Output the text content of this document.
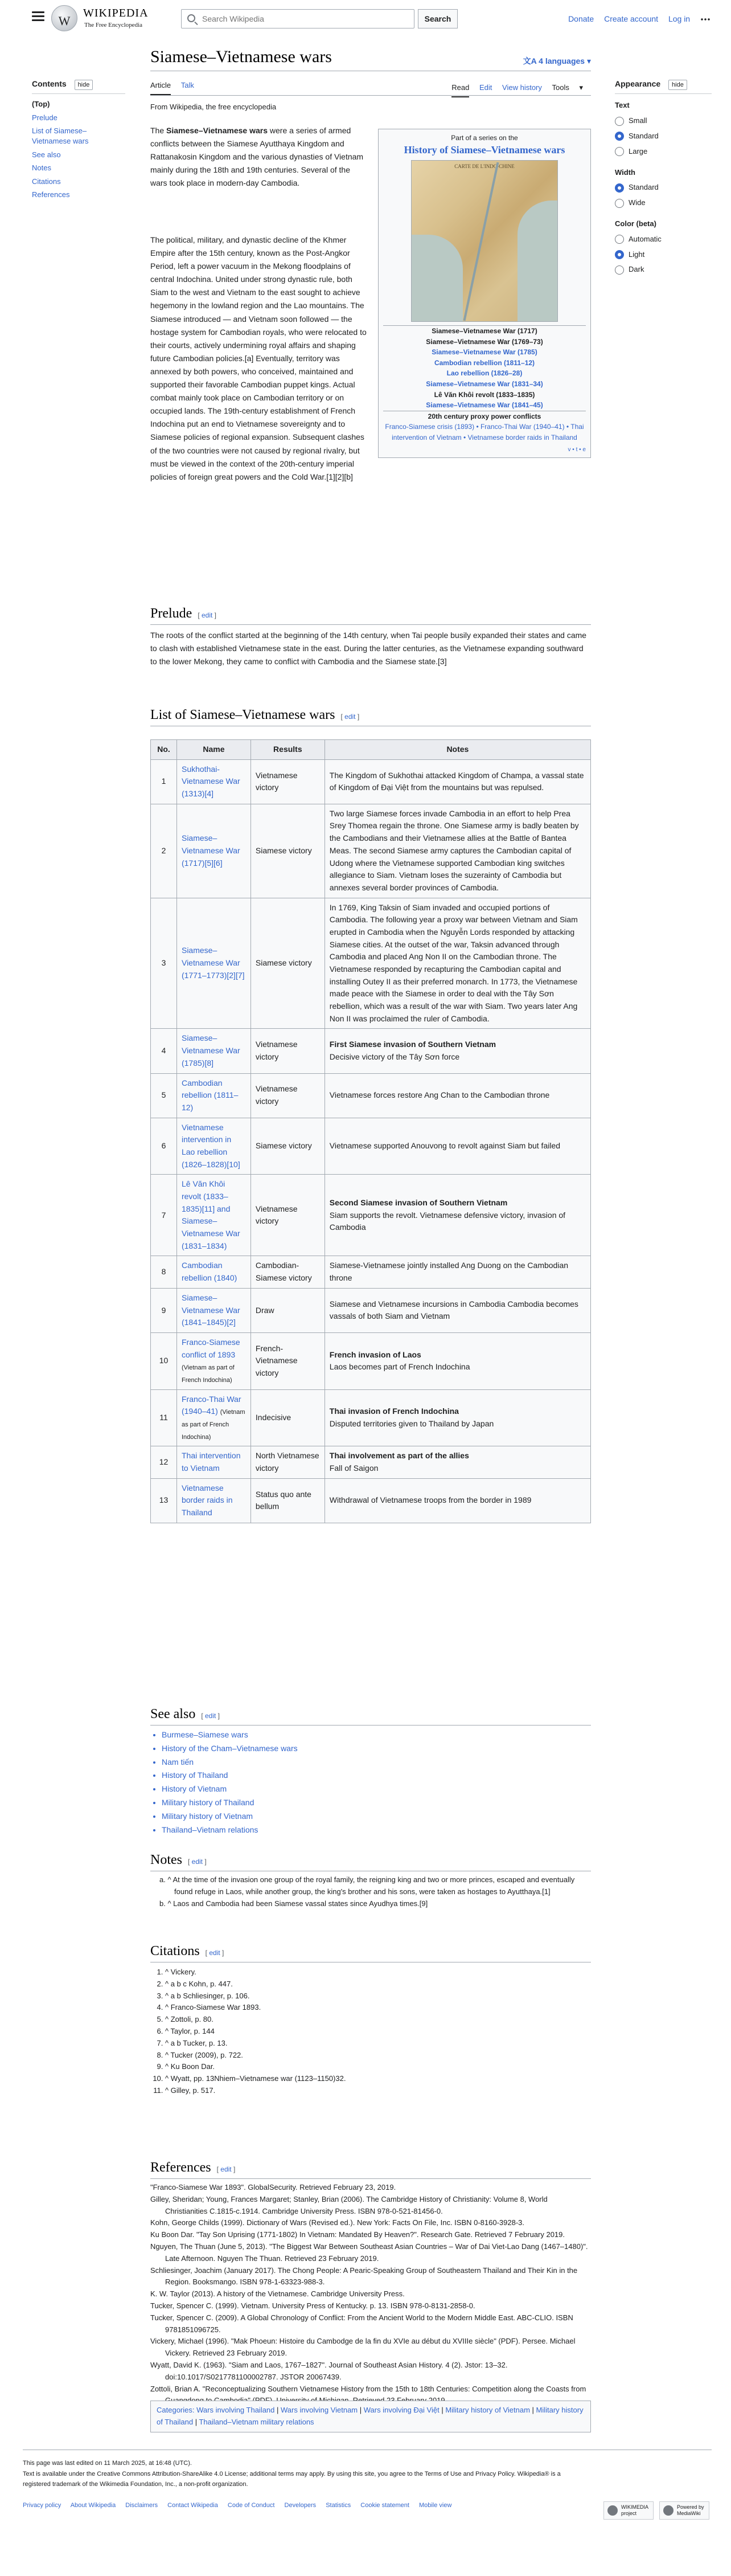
W
WIKIPEDIA
The Free Encyclopedia
Search Wikipedia
Search	Donate Create account Log in
Contents hide
(Top)
Prelude
List of Siamese–Vietnamese wars
See also
Notes
Citations
References
Siamese–Vietnamese wars	文A 4 languages ▾
Article Talk	Read Edit View history Tools ▾
From Wikipedia, the free encyclopedia
Part of a series on the
History of Siamese–Vietnamese wars
CARTE DE L'INDO-CHINE
Siamese–Vietnamese War (1717)
Siamese–Vietnamese War (1769–73)
Siamese–Vietnamese War (1785)
Cambodian rebellion (1811–12)
Lao rebellion (1826–28)
Siamese–Vietnamese War (1831–34)
Lê Văn Khôi revolt (1833–1835)
Siamese–Vietnamese War (1841–45)
20th century proxy power conflicts
Franco-Siamese crisis (1893) • Franco-Thai War (1940–41) • Thai intervention of Vietnam • Vietnamese border raids in Thailand
v • t • e
The Siamese–Vietnamese wars were a series of armed conflicts between the Siamese Ayutthaya Kingdom and Rattanakosin Kingdom and the various dynasties of Vietnam mainly during the 18th and 19th centuries. Several of the wars took place in modern-day Cambodia.
The political, military, and dynastic decline of the Khmer Empire after the 15th century, known as the Post-Angkor Period, left a power vacuum in the Mekong floodplains of central Indochina. United under strong dynastic rule, both Siam to the west and Vietnam to the east sought to achieve hegemony in the lowland region and the Lao mountains. The Siamese introduced — and Vietnam soon followed — the hostage system for Cambodian royals, who were relocated to their courts, actively undermining royal affairs and shaping future Cambodian policies.[a] Eventually, territory was annexed by both powers, who conceived, maintained and supported their favorable Cambodian puppet kings. Actual combat mainly took place on Cambodian territory or on occupied lands. The 19th-century establishment of French Indochina put an end to Vietnamese sovereignty and to Siamese policies of regional expansion. Subsequent clashes of the two countries were not caused by regional rivalry, but must be viewed in the context of the 20th-century imperial policies of foreign great powers and the Cold War.[1][2][b]
Prelude [ edit ]
The roots of the conflict started at the beginning of the 14th century, when Tai people busily expanded their states and came to clash with established Vietnamese state in the east. During the latter centuries, as the Vietnamese expanding southward to the lower Mekong, they came to conflict with Cambodia and the Siamese state.[3]
List of Siamese–Vietnamese wars [ edit ]
No.	Name	Results	Notes
1	Sukhothai-Vietnamese War (1313)[4]	Vietnamese victory	The Kingdom of Sukhothai attacked Kingdom of Champa, a vassal state of Kingdom of Đại Việt from the mountains but was repulsed.
2	Siamese–Vietnamese War (1717)[5][6]	Siamese victory	Two large Siamese forces invade Cambodia in an effort to help Prea Srey Thomea regain the throne. One Siamese army is badly beaten by the Cambodians and their Vietnamese allies at the Battle of Bantea Meas. The second Siamese army captures the Cambodian capital of Udong where the Vietnamese supported Cambodian king switches allegiance to Siam. Vietnam loses the suzerainty of Cambodia but annexes several border provinces of Cambodia.
3	Siamese–Vietnamese War (1771–1773)[2][7]	Siamese victory	In 1769, King Taksin of Siam invaded and occupied portions of Cambodia. The following year a proxy war between Vietnam and Siam erupted in Cambodia when the Nguyễn Lords responded by attacking Siamese cities. At the outset of the war, Taksin advanced through Cambodia and placed Ang Non II on the Cambodian throne. The Vietnamese responded by recapturing the Cambodian capital and installing Outey II as their preferred monarch. In 1773, the Vietnamese made peace with the Siamese in order to deal with the Tây Sơn rebellion, which was a result of the war with Siam. Two years later Ang Non II was proclaimed the ruler of Cambodia.
4	Siamese–Vietnamese War (1785)[8]	Vietnamese victory	First Siamese invasion of Southern Vietnam
Decisive victory of the Tây Sơn force
5	Cambodian rebellion (1811–12)	Vietnamese victory	Vietnamese forces restore Ang Chan to the Cambodian throne
6	Vietnamese intervention in Lao rebellion (1826–1828)[10]	Siamese victory	Vietnamese supported Anouvong to revolt against Siam but failed
7	Lê Văn Khôi revolt (1833–1835)[11] and Siamese–Vietnamese War (1831–1834)	Vietnamese victory	Second Siamese invasion of Southern Vietnam
Siam supports the revolt. Vietnamese defensive victory, invasion of Cambodia
8	Cambodian rebellion (1840)	Cambodian-Siamese victory	Siamese-Vietnamese jointly installed Ang Duong on the Cambodian throne
9	Siamese–Vietnamese War (1841–1845)[2]	Draw	Siamese and Vietnamese incursions in Cambodia Cambodia becomes vassals of both Siam and Vietnam
10	Franco-Siamese conflict of 1893 (Vietnam as part of French Indochina)	French-Vietnamese victory	French invasion of Laos
Laos becomes part of French Indochina
11	Franco-Thai War (1940–41) (Vietnam as part of French Indochina)	Indecisive	Thai invasion of French Indochina
Disputed territories given to Thailand by Japan
12	Thai intervention to Vietnam	North Vietnamese victory	Thai involvement as part of the allies
Fall of Saigon
13	Vietnamese border raids in Thailand	Status quo ante bellum	Withdrawal of Vietnamese troops from the border in 1989
See also [ edit ]
• Burmese–Siamese wars
• History of the Cham–Vietnamese wars
• Nam tiến
• History of Thailand
• History of Vietnam
• Military history of Thailand
• Military history of Vietnam
• Thailand–Vietnam relations
Notes [ edit ]
a. ^ At the time of the invasion one group of the royal family, the reigning king and two or more princes, escaped and eventually found refuge in Laos, while another group, the king's brother and his sons, were taken as hostages to Ayutthaya.[1]
b. ^ Laos and Cambodia had been Siamese vassal states since Ayudhya times.[9]
Citations [ edit ]
1. ^ Vickery.
2. ^ a b c Kohn, p. 447.
3. ^ a b Schliesinger, p. 106.
4. ^ Franco-Siamese War 1893.
5. ^ Zottoli, p. 80.
6. ^ Taylor, p. 144
7. ^ a b Tucker, p. 13.
8. ^ Tucker (2009), p. 722.
9. ^ Ku Boon Dar.
10. ^ Wyatt, pp. 13Nhiem–Vietnamese war (1123–1150)32.
11. ^ Gilley, p. 517.
References [ edit ]
"Franco-Siamese War 1893". GlobalSecurity. Retrieved February 23, 2019.
Gilley, Sheridan; Young, Frances Margaret; Stanley, Brian (2006). The Cambridge History of Christianity: Volume 8, World Christianities C.1815-c.1914. Cambridge University Press. ISBN 978-0-521-81456-0.
Kohn, George Childs (1999). Dictionary of Wars (Revised ed.). New York: Facts On File, Inc. ISBN 0-8160-3928-3.
Ku Boon Dar. "Tay Son Uprising (1771-1802) In Vietnam: Mandated By Heaven?". Research Gate. Retrieved 7 February 2019.
Nguyen, The Thuan (June 5, 2013). "The Biggest War Between Southeast Asian Countries – War of Dai Viet-Lao Dang (1467–1480)". Late Afternoon. Nguyen The Thuan. Retrieved 23 February 2019.
Schliesinger, Joachim (January 2017). The Chong People: A Pearic-Speaking Group of Southeastern Thailand and Their Kin in the Region. Booksmango. ISBN 978-1-63323-988-3.
K. W. Taylor (2013). A history of the Vietnamese. Cambridge University Press.
Tucker, Spencer C. (1999). Vietnam. University Press of Kentucky. p. 13. ISBN 978-0-8131-2858-0.
Tucker, Spencer C. (2009). A Global Chronology of Conflict: From the Ancient World to the Modern Middle East. ABC-CLIO. ISBN 9781851096725.
Vickery, Michael (1996). "Mak Phoeun: Histoire du Cambodge de la fin du XVIe au début du XVIIIe siècle" (PDF). Persee. Michael Vickery. Retrieved 23 February 2019.
Wyatt, David K. (1963). "Siam and Laos, 1767–1827". Journal of Southeast Asian History. 4 (2). Jstor: 13–32. doi:10.1017/S0217781100002787. JSTOR 20067439.
Zottoli, Brian A. "Reconceptualizing Southern Vietnamese History from the 15th to 18th Centuries: Competition along the Coasts from
Categories: Wars involving Thailand | Wars involving Vietnam | Wars involving Đại Việt | Military history of Vietnam | Military history of Thailand | Thailand–Vietnam military relations
Appearance hide
Text
Small
Standard
Large
Width
Standard
Wide
Color (beta)
Automatic
Light
Dark
This page was last edited on 11 March 2025, at 16:48 (UTC).
Text is available under the Creative Commons Attribution-ShareAlike 4.0 License; additional terms may apply. By using this site, you agree to the Terms of Use and Privacy Policy. Wikipedia® is a registered trademark of the Wikimedia Foundation, Inc., a non-profit organization.
Privacy policy About Wikipedia Disclaimers Contact Wikipedia Code of Conduct Developers Statistics Cookie statement Mobile view	WIKIMEDIA project
Powered by MediaWiki
